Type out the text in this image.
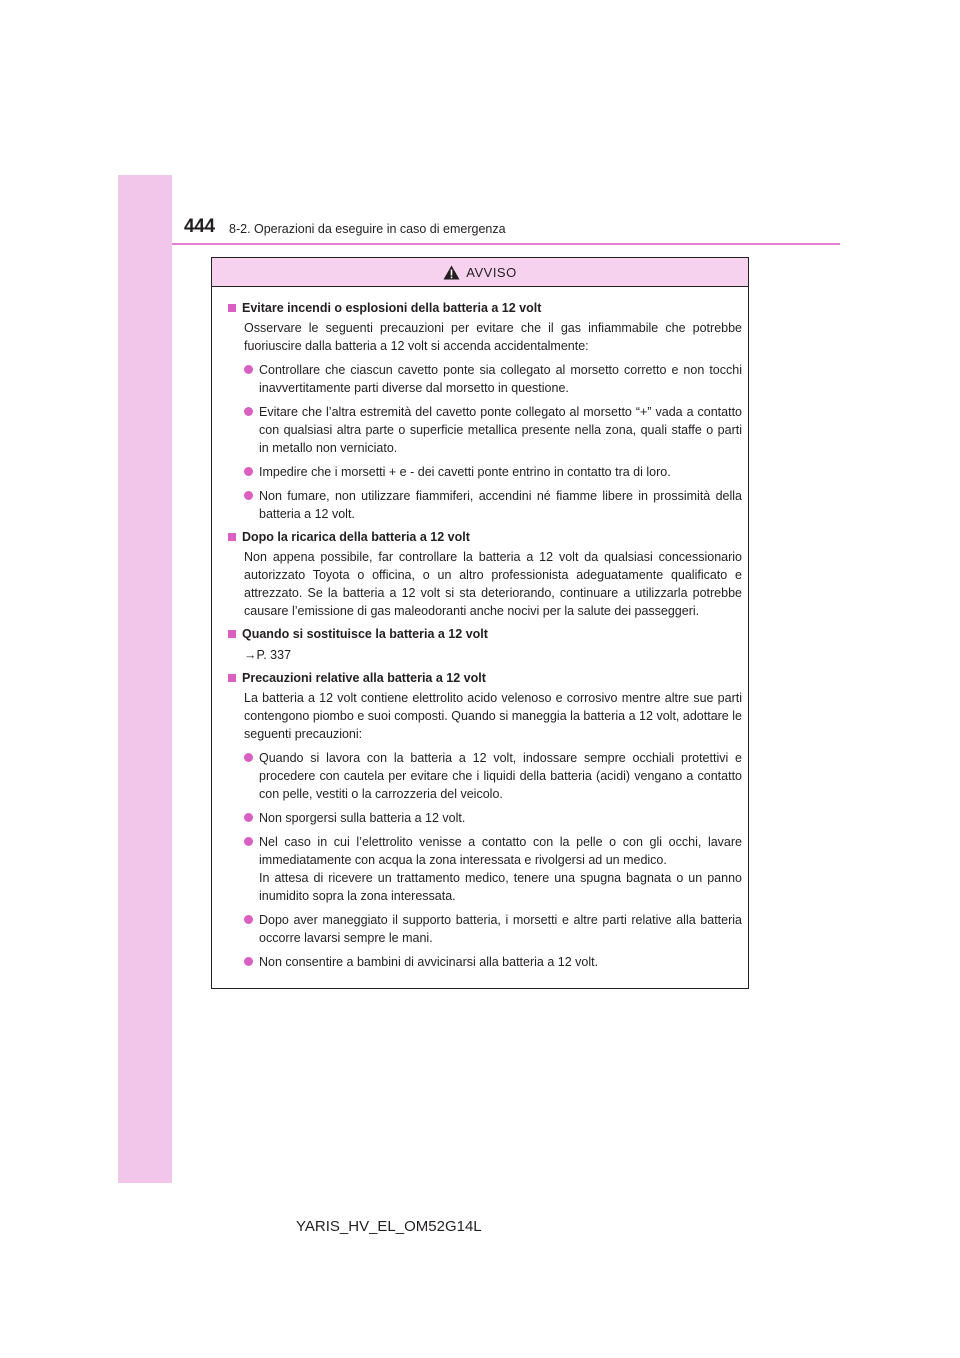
444 8-2. Operazioni da eseguire in caso di emergenza
AVVISO
Evitare incendi o esplosioni della batteria a 12 volt
Osservare le seguenti precauzioni per evitare che il gas infiammabile che potrebbe fuoriuscire dalla batteria a 12 volt si accenda accidentalmente:
Controllare che ciascun cavetto ponte sia collegato al morsetto corretto e non tocchi inavvertitamente parti diverse dal morsetto in questione.
Evitare che l’altra estremità del cavetto ponte collegato al morsetto “+” vada a contatto con qualsiasi altra parte o superficie metallica presente nella zona, quali staffe o parti in metallo non verniciato.
Impedire che i morsetti + e - dei cavetti ponte entrino in contatto tra di loro.
Non fumare, non utilizzare fiammiferi, accendini né fiamme libere in prossimità della batteria a 12 volt.
Dopo la ricarica della batteria a 12 volt
Non appena possibile, far controllare la batteria a 12 volt da qualsiasi concessionario autorizzato Toyota o officina, o un altro professionista adeguatamente qualificato e attrezzato. Se la batteria a 12 volt si sta deteriorando, continuare a utilizzarla potrebbe causare l’emissione di gas maleodoranti anche nocivi per la salute dei passeggeri.
Quando si sostituisce la batteria a 12 volt
→P. 337
Precauzioni relative alla batteria a 12 volt
La batteria a 12 volt contiene elettrolito acido velenoso e corrosivo mentre altre sue parti contengono piombo e suoi composti. Quando si maneggia la batteria a 12 volt, adottare le seguenti precauzioni:
Quando si lavora con la batteria a 12 volt, indossare sempre occhiali protettivi e procedere con cautela per evitare che i liquidi della batteria (acidi) vengano a contatto con pelle, vestiti o la carrozzeria del veicolo.
Non sporgersi sulla batteria a 12 volt.
Nel caso in cui l’elettrolito venisse a contatto con la pelle o con gli occhi, lavare immediatamente con acqua la zona interessata e rivolgersi ad un medico.
In attesa di ricevere un trattamento medico, tenere una spugna bagnata o un panno inumidito sopra la zona interessata.
Dopo aver maneggiato il supporto batteria, i morsetti e altre parti relative alla batteria occorre lavarsi sempre le mani.
Non consentire a bambini di avvicinarsi alla batteria a 12 volt.
YARIS_HV_EL_OM52G14L
